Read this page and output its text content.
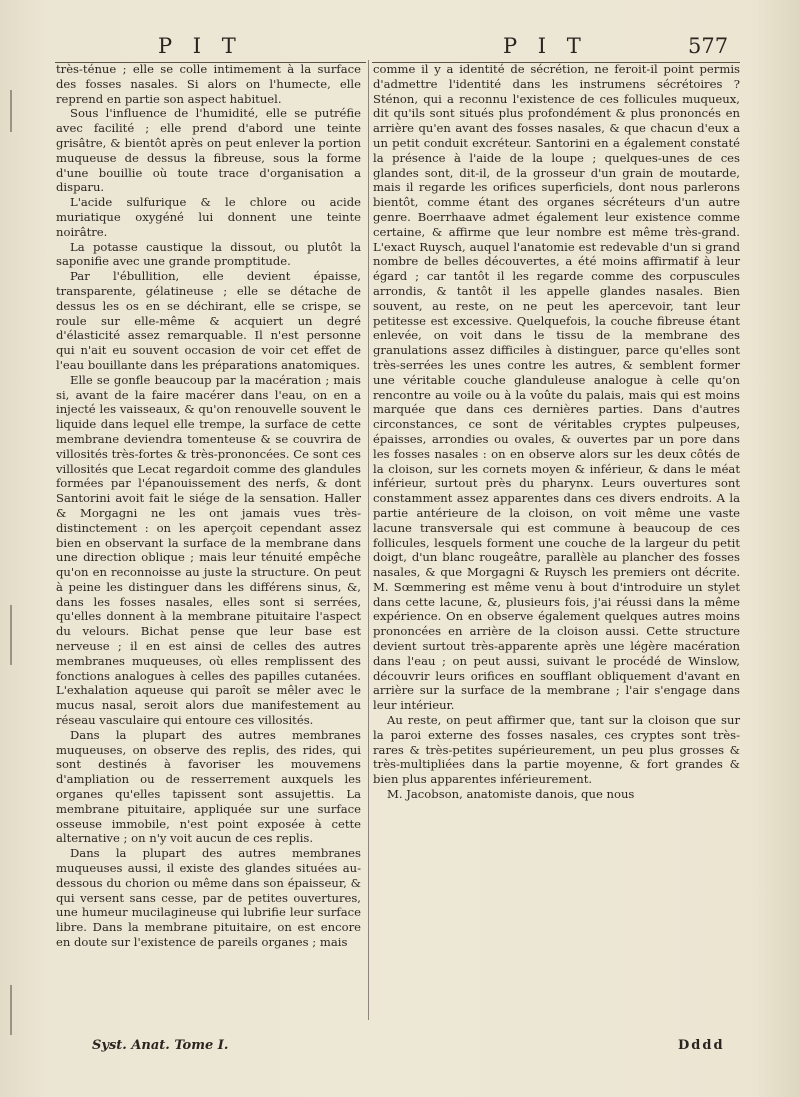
P I T	P I T	577

très-ténue ; elle se colle intimement à la surface des fosses nasales. Si alors on l'humecte, elle reprend en partie son aspect habituel.

Sous l'influence de l'humidité, elle se putréfie avec facilité ; elle prend d'abord une teinte grisâtre, & bientôt après on peut enlever la portion muqueuse de dessus la fibreuse, sous la forme d'une bouillie où toute trace d'organisation a disparu.

L'acide sulfurique & le chlore ou acide muriatique oxygéné lui donnent une teinte noirâtre.

La potasse caustique la dissout, ou plutôt la saponifie avec une grande promptitude.

Par l'ébullition, elle devient épaisse, transparente, gélatineuse ; elle se détache de dessus les os en se déchirant, elle se crispe, se roule sur elle-même & acquiert un degré d'élasticité assez remarquable. Il n'est personne qui n'ait eu souvent occasion de voir cet effet de l'eau bouillante dans les préparations anatomiques.

Elle se gonfle beaucoup par la macération ; mais si, avant de la faire macérer dans l'eau, on en a injecté les vaisseaux, & qu'on renouvelle souvent le liquide dans lequel elle trempe, la surface de cette membrane deviendra tomenteuse & se couvrira de villosités très-fortes & très-prononcées. Ce sont ces villosités que Lecat regardoit comme des glandules formées par l'épanouissement des nerfs, & dont Santorini avoit fait le siége de la sensation. Haller & Morgagni ne les ont jamais vues très-distinctement : on les aperçoit cependant assez bien en observant la surface de la membrane dans une direction oblique ; mais leur ténuité empêche qu'on en reconnoisse au juste la structure. On peut à peine les distinguer dans les différens sinus, &, dans les fosses nasales, elles sont si serrées, qu'elles donnent à la membrane pituitaire l'aspect du velours. Bichat pense que leur base est nerveuse ; il en est ainsi de celles des autres membranes muqueuses, où elles remplissent des fonctions analogues à celles des papilles cutanées. L'exhalation aqueuse qui paroît se mêler avec le mucus nasal, seroit alors due manifestement au réseau vasculaire qui entoure ces villosités.

Dans la plupart des autres membranes muqueuses, on observe des replis, des rides, qui sont destinés à favoriser les mouvemens d'ampliation ou de resserrement auxquels les organes qu'elles tapissent sont assujettis. La membrane pituitaire, appliquée sur une surface osseuse immobile, n'est point exposée à cette alternative ; on n'y voit aucun de ces replis.

Dans la plupart des autres membranes muqueuses aussi, il existe des glandes situées au-dessous du chorion ou même dans son épaisseur, & qui versent sans cesse, par de petites ouvertures, une humeur mucilagineuse qui lubrifie leur surface libre. Dans la membrane pituitaire, on est encore en doute sur l'existence de pareils organes ; mais

comme il y a identité de sécrétion, ne feroit-il point permis d'admettre l'identité dans les instrumens sécrétoires ? Sténon, qui a reconnu l'existence de ces follicules muqueux, dit qu'ils sont situés plus profondément & plus prononcés en arrière qu'en avant des fosses nasales, & que chacun d'eux a un petit conduit excréteur. Santorini en a également constaté la présence à l'aide de la loupe ; quelques-unes de ces glandes sont, dit-il, de la grosseur d'un grain de moutarde, mais il regarde les orifices superficiels, dont nous parlerons bientôt, comme étant des organes sécréteurs d'un autre genre. Boerrhaave admet également leur existence comme certaine, & affirme que leur nombre est même très-grand. L'exact Ruysch, auquel l'anatomie est redevable d'un si grand nombre de belles découvertes, a été moins affirmatif à leur égard ; car tantôt il les regarde comme des corpuscules arrondis, & tantôt il les appelle glandes nasales. Bien souvent, au reste, on ne peut les apercevoir, tant leur petitesse est excessive. Quelquefois, la couche fibreuse étant enlevée, on voit dans le tissu de la membrane des granulations assez difficiles à distinguer, parce qu'elles sont très-serrées les unes contre les autres, & semblent former une véritable couche glanduleuse analogue à celle qu'on rencontre au voile ou à la voûte du palais, mais qui est moins marquée que dans ces dernières parties. Dans d'autres circonstances, ce sont de véritables cryptes pulpeuses, épaisses, arrondies ou ovales, & ouvertes par un pore dans les fosses nasales : on en observe alors sur les deux côtés de la cloison, sur les cornets moyen & inférieur, & dans le méat inférieur, surtout près du pharynx. Leurs ouvertures sont constamment assez apparentes dans ces divers endroits. A la partie antérieure de la cloison, on voit même une vaste lacune transversale qui est commune à beaucoup de ces follicules, lesquels forment une couche de la largeur du petit doigt, d'un blanc rougeâtre, parallèle au plancher des fosses nasales, & que Morgagni & Ruysch les premiers ont décrite. M. Sœmmering est même venu à bout d'introduire un stylet dans cette lacune, &, plusieurs fois, j'ai réussi dans la même expérience. On en observe également quelques autres moins prononcées en arrière de la cloison aussi. Cette structure devient surtout très-apparente après une légère macération dans l'eau ; on peut aussi, suivant le procédé de Winslow, découvrir leurs orifices en soufflant obliquement d'avant en arrière sur la surface de la membrane ; l'air s'engage dans leur intérieur.

Au reste, on peut affirmer que, tant sur la cloison que sur la paroi externe des fosses nasales, ces cryptes sont très-rares & très-petites supérieurement, un peu plus grosses & très-multipliées dans la partie moyenne, & fort grandes & bien plus apparentes inférieurement.

M. Jacobson, anatomiste danois, que nous

Syst. Anat. Tome I.	Dddd
